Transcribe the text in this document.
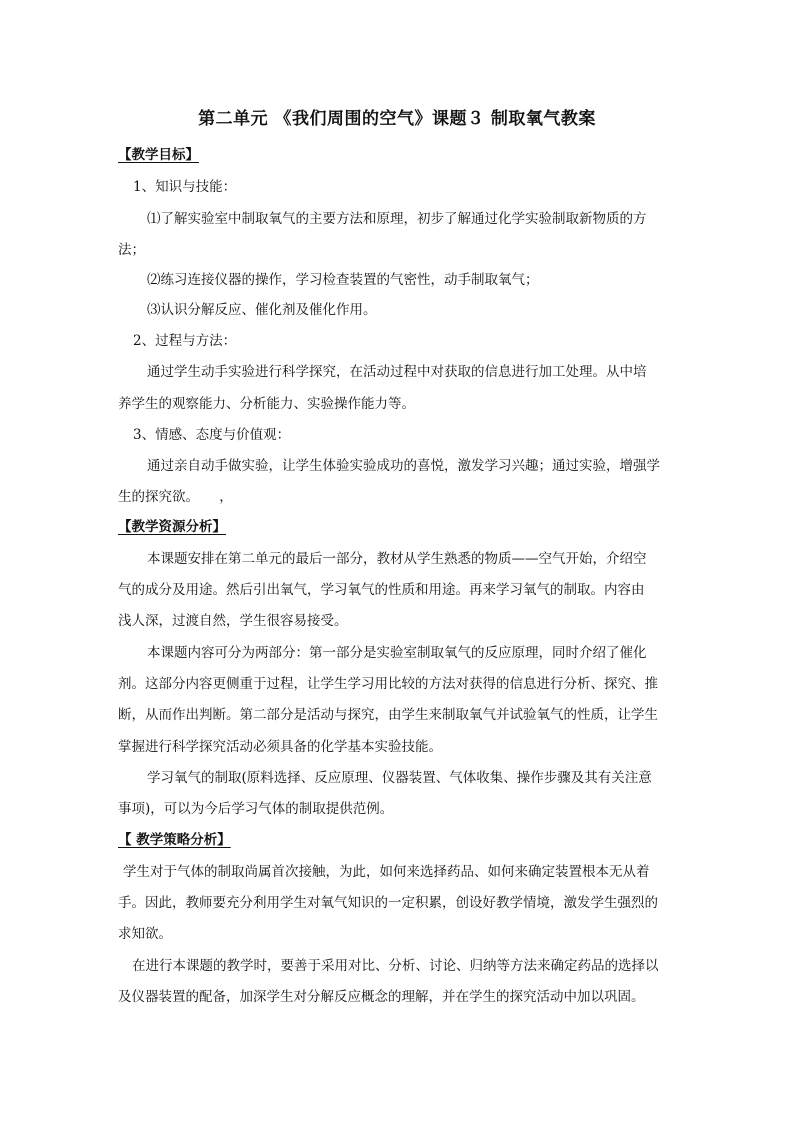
第二单元 《我们周围的空气》课题３ 制取氧气教案
【教学目标】
1、知识与技能：
⑴了解实验室中制取氧气的主要方法和原理，初步了解通过化学实验制取新物质的方
法；
⑵练习连接仪器的操作，学习检查装置的气密性，动手制取氧气；
⑶认识分解反应、催化剂及催化作用。
2、过程与方法：
通过学生动手实验进行科学探究，在活动过程中对获取的信息进行加工处理。从中培
养学生的观察能力、分析能力、实验操作能力等。
3、情感、态度与价值观：
通过亲自动手做实验，让学生体验实验成功的喜悦，激发学习兴趣；通过实验，增强学
生的探究欲。　　，
【教学资源分析】
本课题安排在第二单元的最后一部分，教材从学生熟悉的物质——空气开始，介绍空
气的成分及用途。然后引出氧气，学习氧气的性质和用途。再来学习氧气的制取。内容由
浅人深，过渡自然，学生很容易接受。
本课题内容可分为两部分：第一部分是实验室制取氧气的反应原理，同时介绍了催化
剂。这部分内容更侧重于过程，让学生学习用比较的方法对获得的信息进行分析、探究、推
断，从而作出判断。第二部分是活动与探究，由学生来制取氧气并试验氧气的性质，让学生
掌握进行科学探究活动必须具备的化学基本实验技能。
学习氧气的制取(原料选择、反应原理、仪器装置、气体收集、操作步骤及其有关注意
事项)，可以为今后学习气体的制取提供范例。
【 教学策略分析】
学生对于气体的制取尚属首次接触，为此，如何来选择药品、如何来确定装置根本无从着
手。因此，教师要充分利用学生对氧气知识的一定积累，创设好教学情境，激发学生强烈的
求知欲。
在进行本课题的教学时，要善于采用对比、分析、讨论、归纳等方法来确定药品的选择以
及仪器装置的配备，加深学生对分解反应概念的理解，并在学生的探究活动中加以巩固。
